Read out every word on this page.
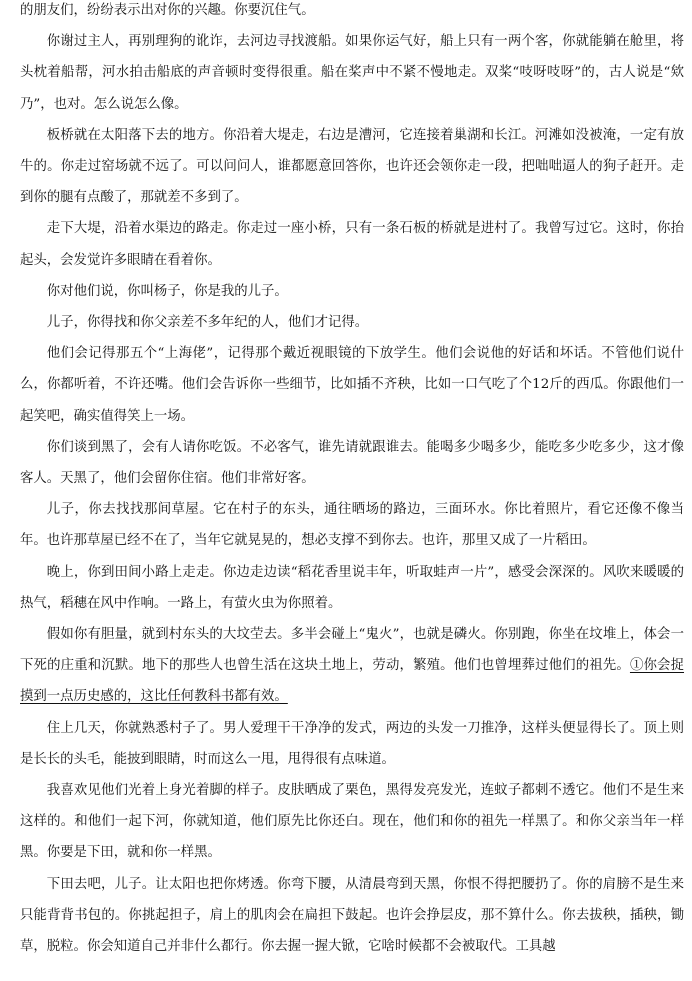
的朋友们，纷纷表示出对你的兴趣。你要沉住气。

你谢过主人，再别理狗的讹诈，去河边寻找渡船。如果你运气好，船上只有一两个客，你就能躺在舱里，将头枕着船帮，河水拍击船底的声音顿时变得很重。船在桨声中不紧不慢地走。双桨“吱呀吱呀”的，古人说是“欸乃”，也对。怎么说怎么像。

板桥就在太阳落下去的地方。你沿着大堤走，右边是漕河，它连接着巢湖和长江。河滩如没被淹，一定有放牛的。你走过窑场就不远了。可以问问人，谁都愿意回答你，也许还会领你走一段，把咄咄逼人的狗子赶开。走到你的腿有点酸了，那就差不多到了。

走下大堤，沿着水渠边的路走。你走过一座小桥，只有一条石板的桥就是进村了。我曾写过它。这时，你抬起头，会发觉许多眼睛在看着你。

你对他们说，你叫杨子，你是我的儿子。

儿子，你得找和你父亲差不多年纪的人，他们才记得。

他们会记得那五个“上海佬”，记得那个戴近视眼镜的下放学生。他们会说他的好话和坏话。不管他们说什么，你都听着，不许还嘴。他们会告诉你一些细节，比如插不齐秧，比如一口气吃了个12斤的西瓜。你跟他们一起笑吧，确实值得笑上一场。

你们谈到黑了，会有人请你吃饭。不必客气，谁先请就跟谁去。能喝多少喝多少，能吃多少吃多少，这才像客人。天黑了，他们会留你住宿。他们非常好客。

儿子，你去找找那间草屋。它在村子的东头，通往晒场的路边，三面环水。你比着照片，看它还像不像当年。也许那草屋已经不在了，当年它就晃晃的，想必支撑不到你去。也许，那里又成了一片稻田。

晚上，你到田间小路上走走。你边走边读“稻花香里说丰年，听取蛙声一片”，感受会深深的。风吹来暖暖的热气，稻穗在风中作响。一路上，有萤火虫为你照着。

假如你有胆量，就到村东头的大坟茔去。多半会碰上“鬼火”，也就是磷火。你别跑，你坐在坟堆上，体会一下死的庄重和沉默。地下的那些人也曾生活在这块土地上，劳动，繁殖。他们也曾埋葬过他们的祖先。①你会捉摸到一点历史感的，这比任何教科书都有效。

住上几天，你就熟悉村子了。男人爱理干干净净的发式，两边的头发一刀推净，这样头便显得长了。顶上则是长长的头毛，能披到眼睛，时而这么一甩，甩得很有点味道。

我喜欢见他们光着上身光着脚的样子。皮肤晒成了栗色，黑得发亮发光，连蚊子都刺不透它。他们不是生来这样的。和他们一起下河，你就知道，他们原先比你还白。现在，他们和你的祖先一样黑了。和你父亲当年一样黑。你要是下田，就和你一样黑。

下田去吧，儿子。让太阳也把你烤透。你弯下腰，从清晨弯到天黑，你恨不得把腰扔了。你的肩膀不是生来只能背背书包的。你挑起担子，肩上的肌肉会在扁担下鼓起。也许会挣层皮，那不算什么。你去拔秧，插秧，锄草，脱粒。你会知道自己并非什么都行。你去握一握大锨，它啥时候都不会被取代。工具越
